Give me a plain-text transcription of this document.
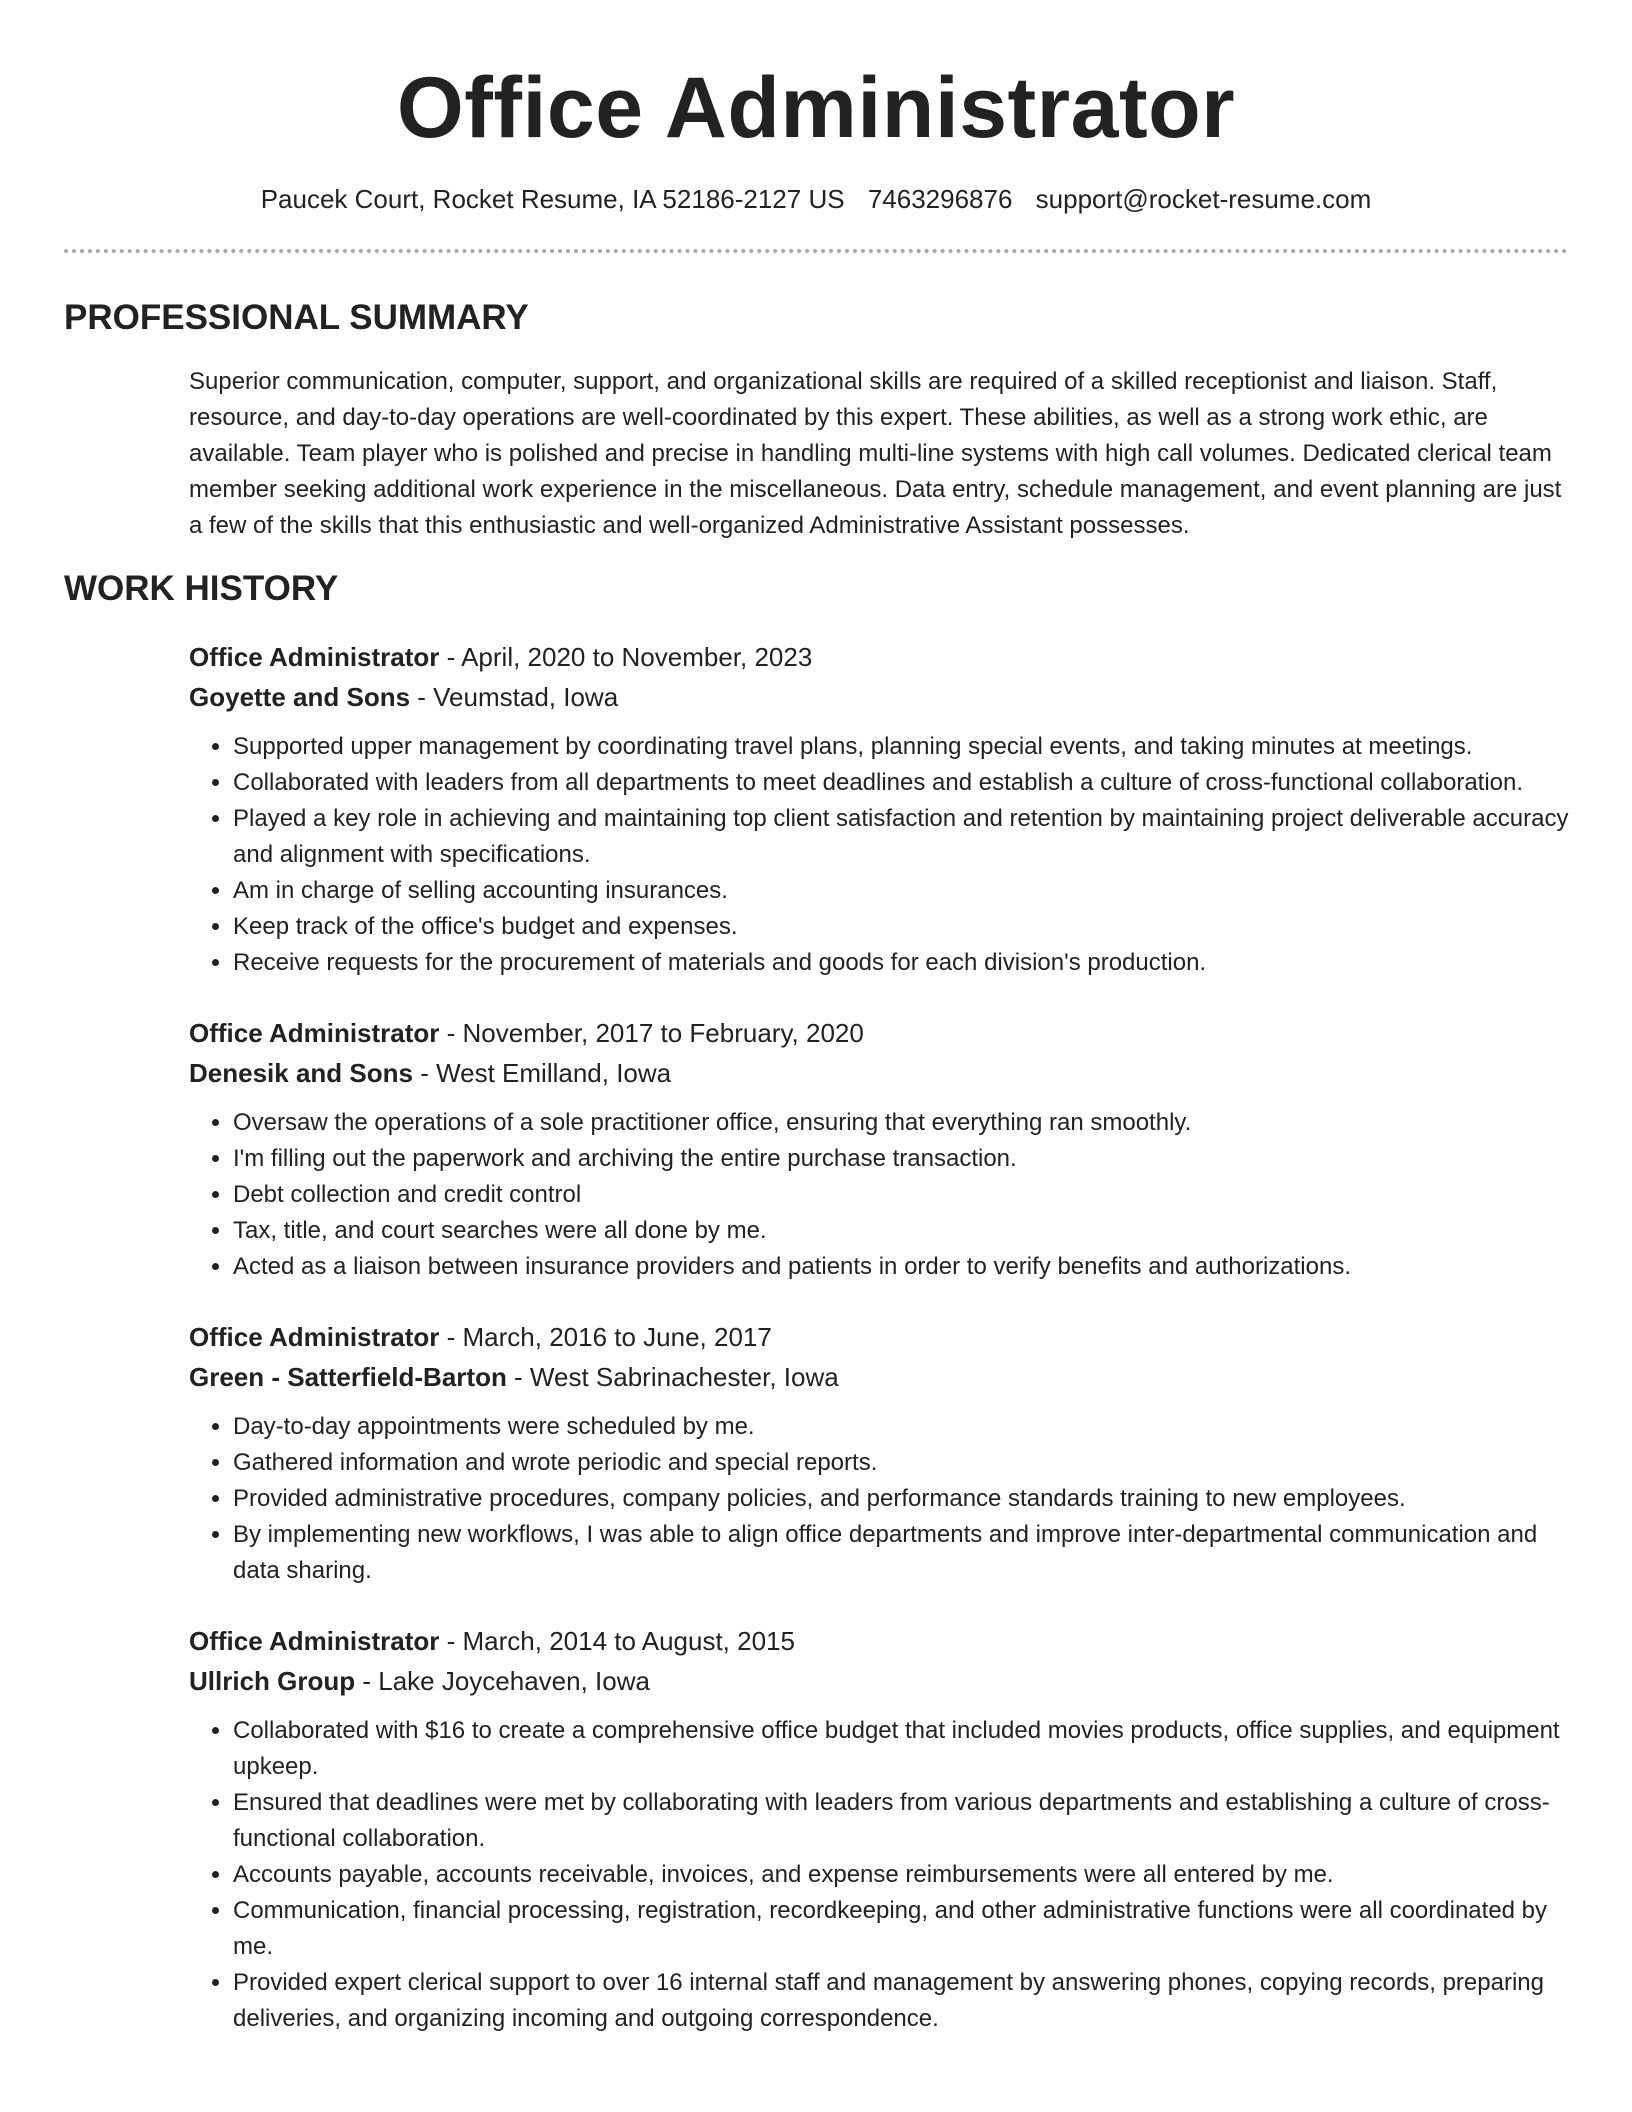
Office Administrator
Paucek Court, Rocket Resume, IA 52186-2127 US 7463296876 support@rocket-resume.com
PROFESSIONAL SUMMARY

Superior communication, computer, support, and organizational skills are required of a skilled receptionist and liaison. Staff, resource, and day-to-day operations are well-coordinated by this expert. These abilities, as well as a strong work ethic, are available. Team player who is polished and precise in handling multi-line systems with high call volumes. Dedicated clerical team member seeking additional work experience in the miscellaneous. Data entry, schedule management, and event planning are just a few of the skills that this enthusiastic and well-organized Administrative Assistant possesses.

WORK HISTORY
Office Administrator - April, 2020 to November, 2023
Goyette and Sons - Veumstad, Iowa
• Supported upper management by coordinating travel plans, planning special events, and taking minutes at meetings.
• Collaborated with leaders from all departments to meet deadlines and establish a culture of cross-functional collaboration.
• Played a key role in achieving and maintaining top client satisfaction and retention by maintaining project deliverable accuracy and alignment with specifications.
• Am in charge of selling accounting insurances.
• Keep track of the office's budget and expenses.
• Receive requests for the procurement of materials and goods for each division's production.
Office Administrator - November, 2017 to February, 2020
Denesik and Sons - West Emilland, Iowa
• Oversaw the operations of a sole practitioner office, ensuring that everything ran smoothly.
• I'm filling out the paperwork and archiving the entire purchase transaction.
• Debt collection and credit control
• Tax, title, and court searches were all done by me.
• Acted as a liaison between insurance providers and patients in order to verify benefits and authorizations.
Office Administrator - March, 2016 to June, 2017
Green - Satterfield-Barton - West Sabrinachester, Iowa
• Day-to-day appointments were scheduled by me.
• Gathered information and wrote periodic and special reports.
• Provided administrative procedures, company policies, and performance standards training to new employees.
• By implementing new workflows, I was able to align office departments and improve inter-departmental communication and data sharing.
Office Administrator - March, 2014 to August, 2015
Ullrich Group - Lake Joycehaven, Iowa
• Collaborated with $16 to create a comprehensive office budget that included movies products, office supplies, and equipment upkeep.
• Ensured that deadlines were met by collaborating with leaders from various departments and establishing a culture of cross-functional collaboration.
• Accounts payable, accounts receivable, invoices, and expense reimbursements were all entered by me.
• Communication, financial processing, registration, recordkeeping, and other administrative functions were all coordinated by me.
• Provided expert clerical support to over 16 internal staff and management by answering phones, copying records, preparing deliveries, and organizing incoming and outgoing correspondence.
